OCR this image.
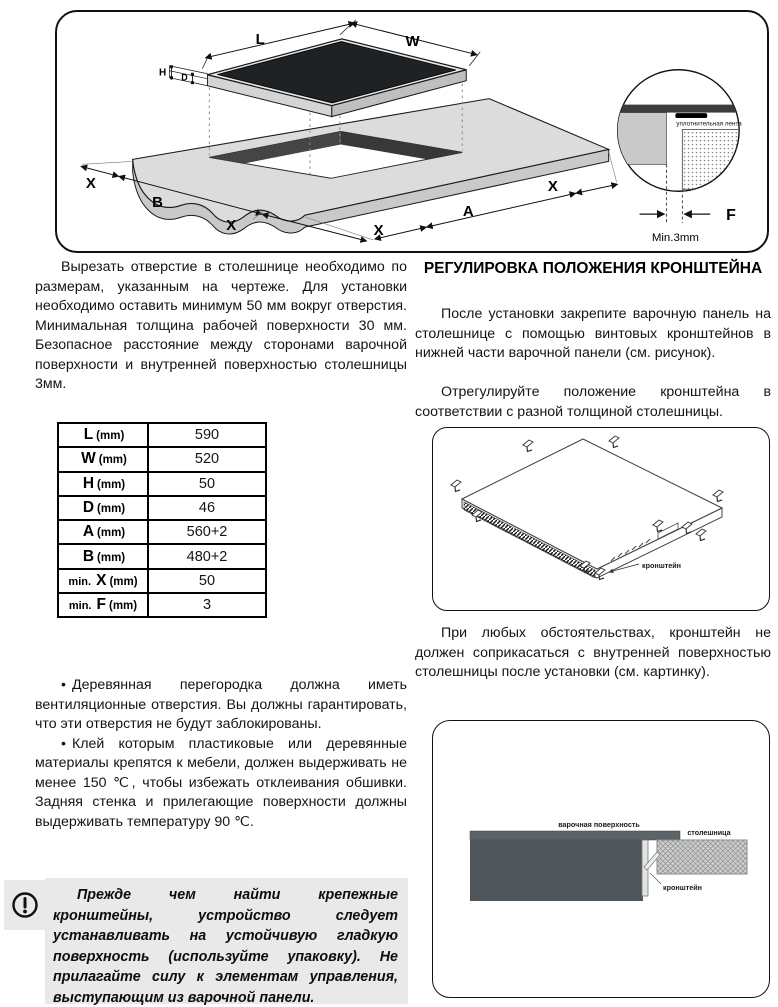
L	W
H D
X
B
X	X
A
X
уплотнительная лента
F
Min.3mm

Вырезать отверстие в столешнице необходимо по размерам, указанным на чертеже. Для установки необходимо оставить минимум 50 мм вокруг отверстия. Минимальная толщина рабочей поверхности 30 мм. Безопасное расстояние между сторонами варочной поверхности и внутренней поверхностью столешницы 3мм.

L (mm)	590
W (mm)	520
H (mm)	50
D (mm)	46
A (mm)	560+2
B (mm)	480+2
min. X (mm)	50
min. F (mm)	3

• Деревянная перегородка должна иметь вентиляционные отверстия. Вы должны гарантировать, что эти отверстия не будут заблокированы.

• Клей которым пластиковые или деревянные материалы крепятся к мебели, должен выдерживать не менее 150 ℃, чтобы избежать отклеивания обшивки. Задняя стенка и прилегающие поверхности должны выдерживать температуру 90 ℃.

Прежде чем найти крепежные кронштейны, устройство следует устанавливать на устойчивую гладкую поверхность (используйте упаковку). Не прилагайте силу к элементам управления, выступающим из варочной панели.

РЕГУЛИРОВКА ПОЛОЖЕНИЯ КРОНШТЕЙНА

После установки закрепите варочную панель на столешнице с помощью винтовых кронштейнов в нижней части варочной панели (см. рисунок).

Отрегулируйте положение кронштейна в соответствии с разной толщиной столешницы.

кронштейн

При любых обстоятельствах, кронштейн не должен соприкасаться с внутренней поверхностью столешницы после установки (см. картинку).

варочная поверхность
столешница
кронштейн
